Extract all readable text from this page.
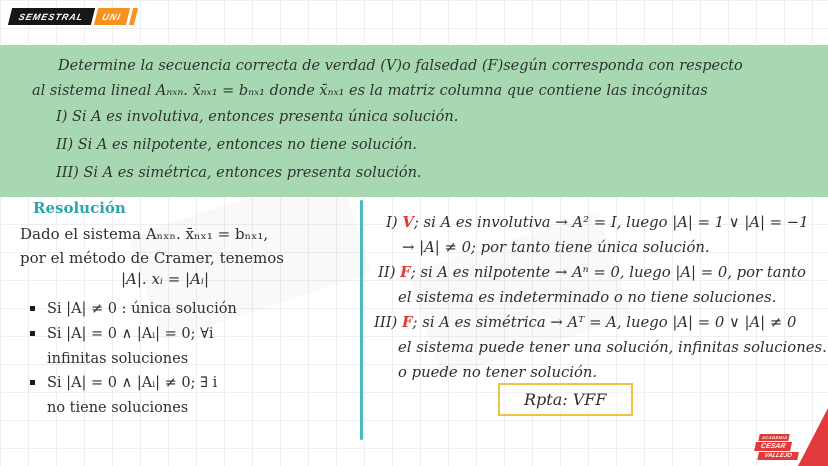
SEMESTRAL	UNI

Determine la secuencia correcta de verdad (V)o falsedad (F)según corresponda con respecto

al sistema lineal Aₙₓₙ. x̄ₙₓ₁ = bₙₓ₁ donde x̄ₙₓ₁ es la matriz columna que contiene las incógnitas

I) Si A es involutiva, entonces presenta única solución.

II) Si A es nilpotente, entonces no tiene solución.

III) Si A es simétrica, entonces presenta solución.

Resolución
Dado el sistema Aₙₓₙ. x̄ₙₓ₁ = bₙₓ₁,
por el método de Cramer, tenemos
|A|. xᵢ = |Aᵢ|
Si |A| ≠ 0 : única solución
Si |A| = 0 ∧ |Aᵢ| = 0; ∀i
infinitas soluciones
Si |A| = 0 ∧ |Aᵢ| ≠ 0; ∃ i
no tiene soluciones
I) V; si A es involutiva → A² = I, luego |A| = 1 ∨ |A| = −1
→ |A| ≠ 0; por tanto tiene única solución.
II) F; si A es nilpotente → Aⁿ = 0, luego |A| = 0, por tanto
el sistema es indeterminado o no tiene soluciones.
III) F; si A es simétrica → Aᵀ = A, luego |A| = 0 ∨ |A| ≠ 0
el sistema puede tener una solución, infinitas soluciones.
o puede no tener solución.
Rpta: VFF
ACADEMIA
CESAR
VALLEJO
